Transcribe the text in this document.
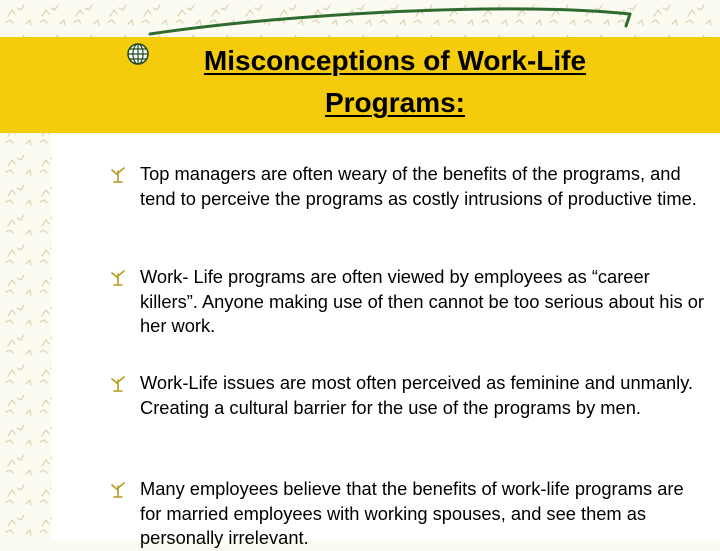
Misconceptions of Work-Life Programs:
Top managers are often weary of the benefits of the programs, and tend to perceive the programs as costly intrusions of productive time.
Work- Life programs are often viewed by employees as “career killers”. Anyone making use of then cannot be too serious about his or her work.
Work-Life issues are most often perceived as feminine and unmanly. Creating a cultural barrier for the use of the programs by men.
Many employees believe that the benefits of work-life programs are for married employees with working spouses, and see them as personally irrelevant.
